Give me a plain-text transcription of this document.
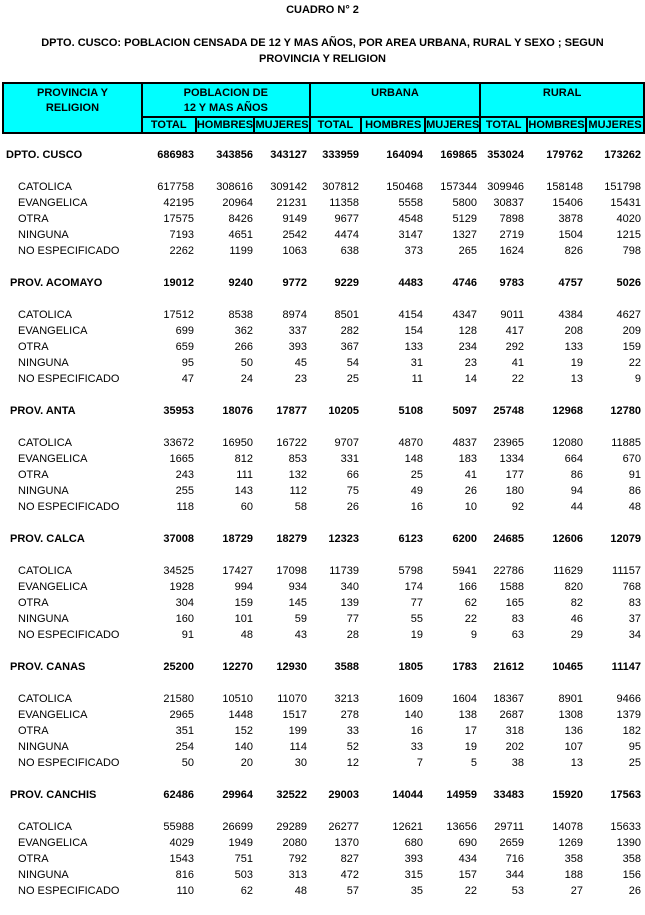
CUADRO N° 2
DPTO. CUSCO: POBLACION CENSADA DE 12 Y MAS AÑOS, POR AREA URBANA, RURAL Y SEXO ; SEGUN
PROVINCIA Y RELIGION
PROVINCIA Y
RELIGION	POBLACION DE
12 Y MAS AÑOS			URBANA			RURAL		
	TOTAL	HOMBRES	MUJERES	TOTAL	HOMBRES	MUJERES	TOTAL	HOMBRES	MUJERES
DPTO. CUSCO	686983	343856	343127	333959	164094	169865	353024	179762	173262

CATOLICA	617758	308616	309142	307812	150468	157344	309946	158148	151798
EVANGELICA	42195	20964	21231	11358	5558	5800	30837	15406	15431
OTRA	17575	8426	9149	9677	4548	5129	7898	3878	4020
NINGUNA	7193	4651	2542	4474	3147	1327	2719	1504	1215
NO ESPECIFICADO	2262	1199	1063	638	373	265	1624	826	798

PROV. ACOMAYO	19012	9240	9772	9229	4483	4746	9783	4757	5026

CATOLICA	17512	8538	8974	8501	4154	4347	9011	4384	4627
EVANGELICA	699	362	337	282	154	128	417	208	209
OTRA	659	266	393	367	133	234	292	133	159
NINGUNA	95	50	45	54	31	23	41	19	22
NO ESPECIFICADO	47	24	23	25	11	14	22	13	9

PROV. ANTA	35953	18076	17877	10205	5108	5097	25748	12968	12780

CATOLICA	33672	16950	16722	9707	4870	4837	23965	12080	11885
EVANGELICA	1665	812	853	331	148	183	1334	664	670
OTRA	243	111	132	66	25	41	177	86	91
NINGUNA	255	143	112	75	49	26	180	94	86
NO ESPECIFICADO	118	60	58	26	16	10	92	44	48

PROV. CALCA	37008	18729	18279	12323	6123	6200	24685	12606	12079

CATOLICA	34525	17427	17098	11739	5798	5941	22786	11629	11157
EVANGELICA	1928	994	934	340	174	166	1588	820	768
OTRA	304	159	145	139	77	62	165	82	83
NINGUNA	160	101	59	77	55	22	83	46	37
NO ESPECIFICADO	91	48	43	28	19	9	63	29	34

PROV. CANAS	25200	12270	12930	3588	1805	1783	21612	10465	11147

CATOLICA	21580	10510	11070	3213	1609	1604	18367	8901	9466
EVANGELICA	2965	1448	1517	278	140	138	2687	1308	1379
OTRA	351	152	199	33	16	17	318	136	182
NINGUNA	254	140	114	52	33	19	202	107	95
NO ESPECIFICADO	50	20	30	12	7	5	38	13	25

PROV. CANCHIS	62486	29964	32522	29003	14044	14959	33483	15920	17563

CATOLICA	55988	26699	29289	26277	12621	13656	29711	14078	15633
EVANGELICA	4029	1949	2080	1370	680	690	2659	1269	1390
OTRA	1543	751	792	827	393	434	716	358	358
NINGUNA	816	503	313	472	315	157	344	188	156
NO ESPECIFICADO	110	62	48	57	35	22	53	27	26
